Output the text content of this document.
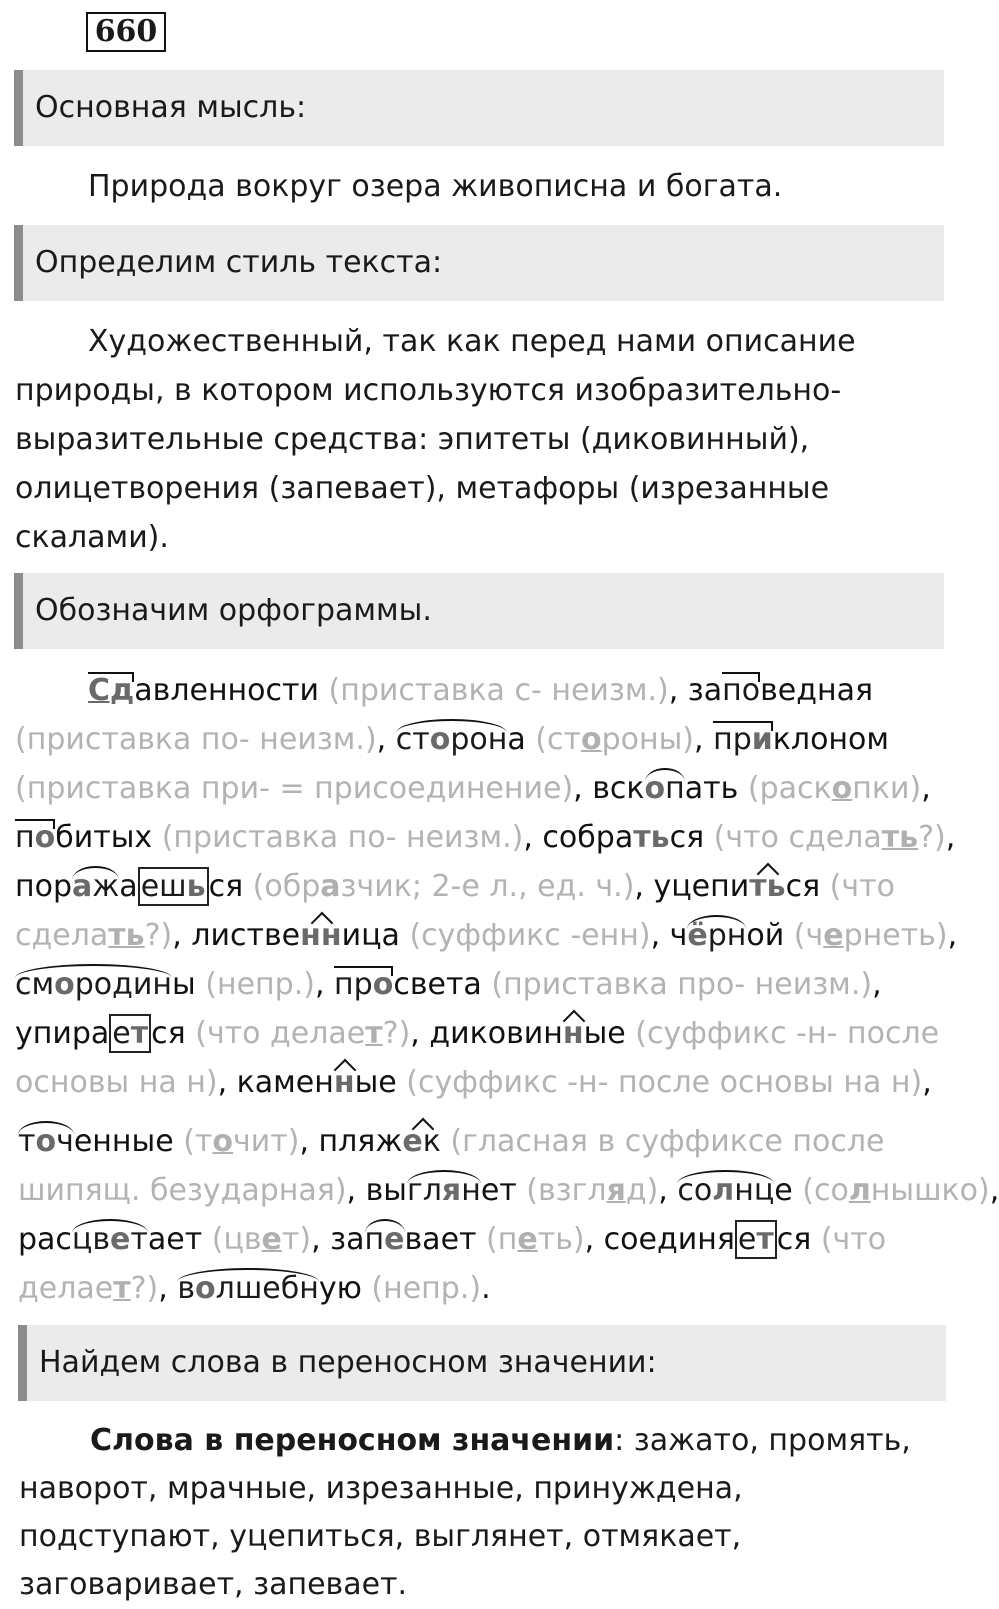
660
Основная мысль:
Природа вокруг озера живописна и богата.
Определим стиль текста:
Художественный, так как перед нами описание природы, в котором используются изобразительно-выразительные средства: эпитеты (диковинный), олицетворения (запевает), метафоры (изрезанные скалами).
Обозначим орфограммы.
Сдавленности (приставка с- неизм.), заповедная
(приставка по- неизм.), сторона (стороны), приклоном
(приставка при- = присоединение), вскопать (раскопки),
побитых (приставка по- неизм.), собраться (что сделать?),
поража ешь ся (образчик; 2-е л., ед. ч.), уцепиться (что
сделать?), лиственница (суффикс -енн), чёрной (чернеть),
смородины (непр.), просвета (приставка про- неизм.),
упира ет ся (что делает?), диковинные (суффикс -н- после
основы на н), каменные (суффикс -н- после основы на н),
точенные (точит), пляжек (гласная в суффиксе после
шипящ. безударная), выглянет (взгляд), солнце (солнышко),
расцветает (цвет), запевает (петь), соединя ет ся (что
делает?), волшебную (непр.).
Найдем слова в переносном значении:
Слова в переносном значении: зажато, промять, наворот, мрачные, изрезанные, принуждена, подступают, уцепиться, выглянет, отмякает, заговаривает, запевает.
